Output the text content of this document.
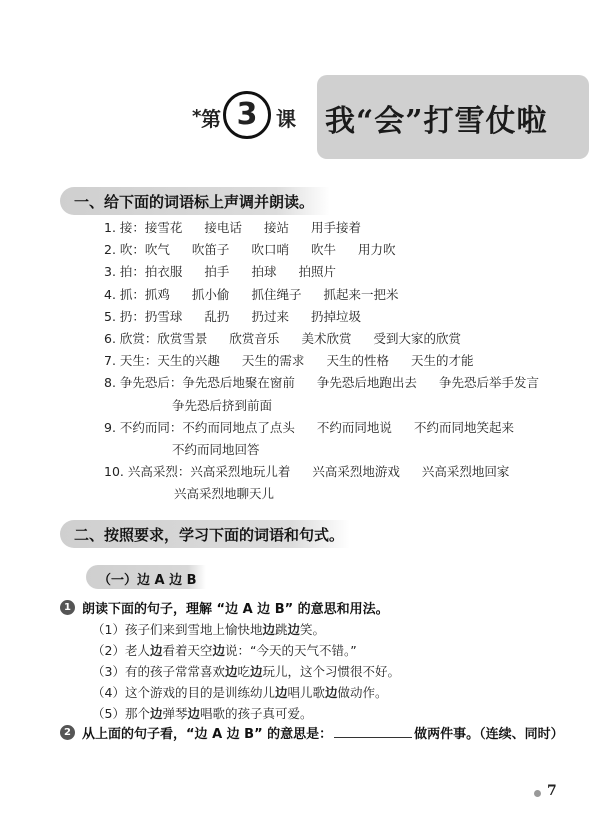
我“会”打雪仗啦
* 第 3 课
一、给下面的词语标上声调并朗读。
1. 接：接雪花 接电话 接站 用手接着
2. 吹：吹气 吹笛子 吹口哨 吹牛 用力吹
3. 拍：拍衣服 拍手 拍球 拍照片
4. 抓：抓鸡 抓小偷 抓住绳子 抓起来一把米
5. 扔：扔雪球 乱扔 扔过来 扔掉垃圾
6. 欣赏：欣赏雪景 欣赏音乐 美术欣赏 受到大家的欣赏
7. 天生：天生的兴趣 天生的需求 天生的性格 天生的才能
8. 争先恐后：争先恐后地聚在窗前 争先恐后地跑出去 争先恐后举手发言
争先恐后挤到前面
9. 不约而同：不约而同地点了点头 不约而同地说 不约而同地笑起来
不约而同地回答
10. 兴高采烈：兴高采烈地玩儿着 兴高采烈地游戏 兴高采烈地回家
兴高采烈地聊天儿
二、按照要求，学习下面的词语和句式。
（一）边 A 边 B
1 朗读下面的句子，理解 “边 A 边 B” 的意思和用法。
（1）孩子们来到雪地上愉快地边跳边笑。
（2）老人边看着天空边说：“今天的天气不错。”
（3）有的孩子常常喜欢边吃边玩儿，这个习惯很不好。
（4）这个游戏的目的是训练幼儿边唱儿歌边做动作。
（5）那个边弹琴边唱歌的孩子真可爱。
2 从上面的句子看，“边 A 边 B” 的意思是：	做两件事。（连续、同时）
7
